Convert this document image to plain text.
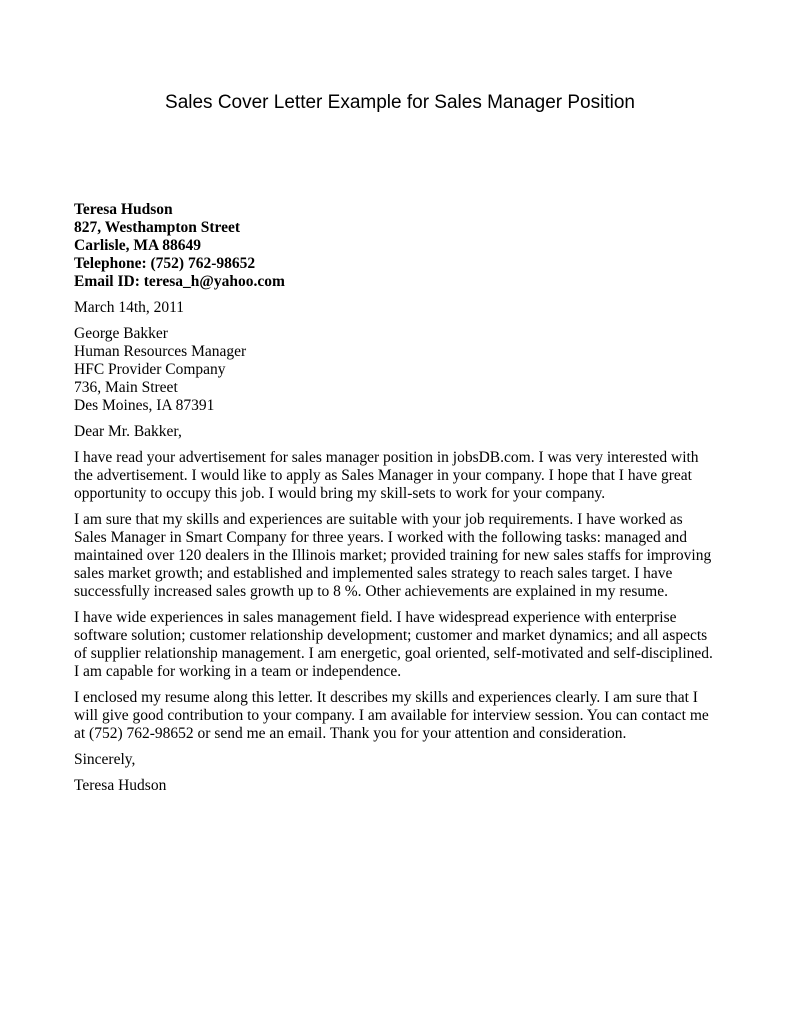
Sales Cover Letter Example for Sales Manager Position

Teresa Hudson

827, Westhampton Street

Carlisle, MA 88649

Telephone: (752) 762-98652

Email ID: teresa_h@yahoo.com

March 14th, 2011

George Bakker

Human Resources Manager

HFC Provider Company

736, Main Street

Des Moines, IA 87391

Dear Mr. Bakker,

I have read your advertisement for sales manager position in jobsDB.com. I was very interested with
the advertisement. I would like to apply as Sales Manager in your company. I hope that I have great
opportunity to occupy this job. I would bring my skill-sets to work for your company.
I am sure that my skills and experiences are suitable with your job requirements. I have worked as
Sales Manager in Smart Company for three years. I worked with the following tasks: managed and
maintained over 120 dealers in the Illinois market; provided training for new sales staffs for improving
sales market growth; and established and implemented sales strategy to reach sales target. I have
successfully increased sales growth up to 8 %. Other achievements are explained in my resume.
I have wide experiences in sales management field. I have widespread experience with enterprise
software solution; customer relationship development; customer and market dynamics; and all aspects
of supplier relationship management. I am energetic, goal oriented, self-motivated and self-disciplined.
I am capable for working in a team or independence.
I enclosed my resume along this letter. It describes my skills and experiences clearly. I am sure that I
will give good contribution to your company. I am available for interview session. You can contact me
at (752) 762-98652 or send me an email. Thank you for your attention and consideration.

Sincerely,

Teresa Hudson
